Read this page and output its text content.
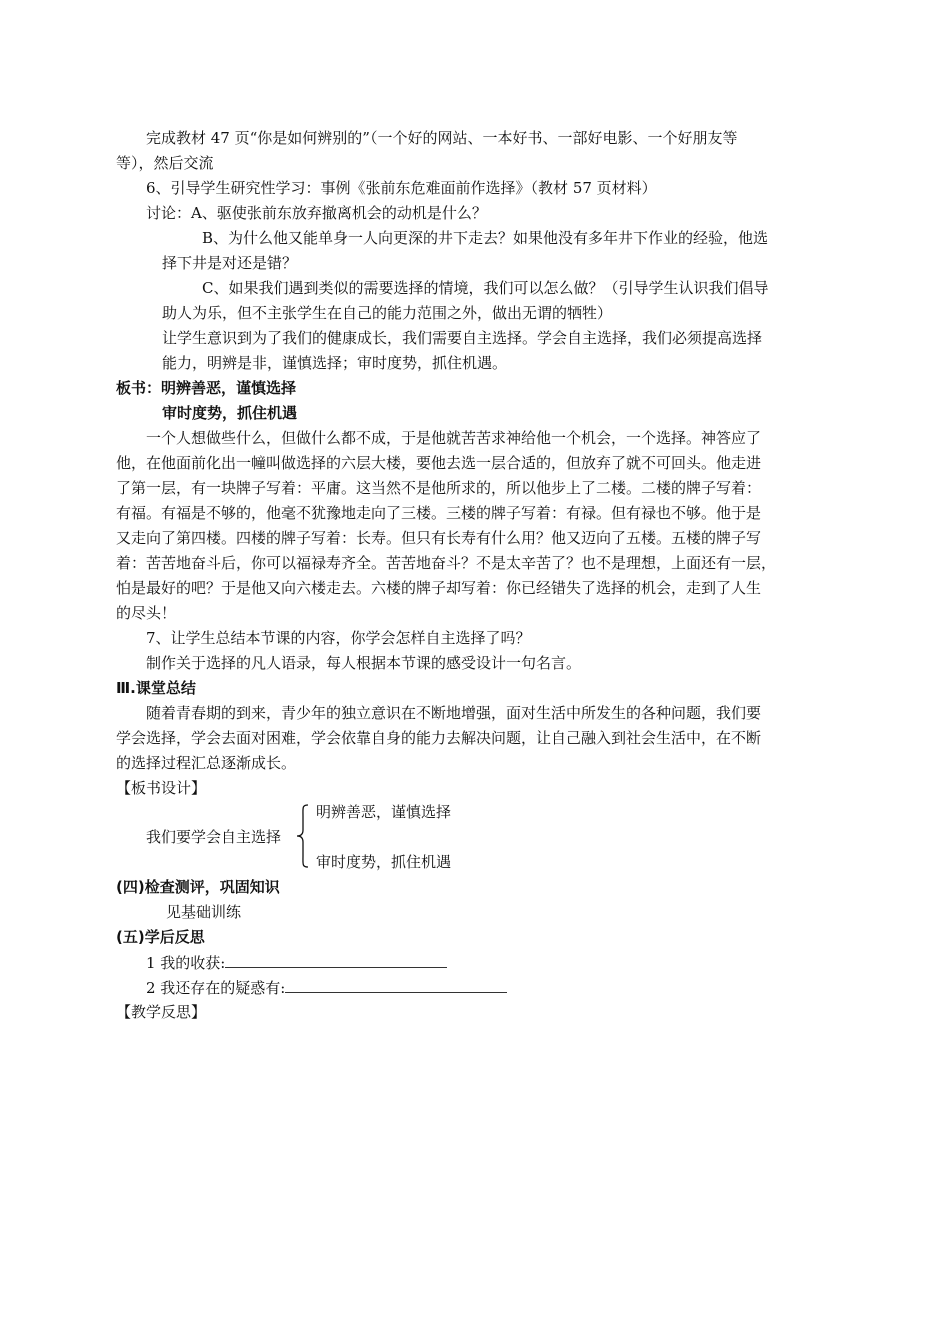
完成教材 47 页“你是如何辨别的”（一个好的网站、一本好书、一部好电影、一个好朋友等
等），然后交流
6、引导学生研究性学习：事例《张前东危难面前作选择》（教材 57 页材料）
讨论：A、驱使张前东放弃撤离机会的动机是什么？
B、为什么他又能单身一人向更深的井下走去？如果他没有多年井下作业的经验，他选
择下井是对还是错？
C、如果我们遇到类似的需要选择的情境，我们可以怎么做？（引导学生认识我们倡导
助人为乐，但不主张学生在自己的能力范围之外，做出无谓的牺牲）
让学生意识到为了我们的健康成长，我们需要自主选择。学会自主选择，我们必须提高选择
能力，明辨是非，谨慎选择；审时度势，抓住机遇。
板书：明辨善恶，谨慎选择
审时度势，抓住机遇
一个人想做些什么，但做什么都不成，于是他就苦苦求神给他一个机会，一个选择。神答应了
他，在他面前化出一幢叫做选择的六层大楼，要他去选一层合适的，但放弃了就不可回头。他走进
了第一层，有一块牌子写着：平庸。这当然不是他所求的，所以他步上了二楼。二楼的牌子写着：
有福。有福是不够的，他毫不犹豫地走向了三楼。三楼的牌子写着：有禄。但有禄也不够。他于是
又走向了第四楼。四楼的牌子写着：长寿。但只有长寿有什么用？他又迈向了五楼。五楼的牌子写
着：苦苦地奋斗后，你可以福禄寿齐全。苦苦地奋斗？不是太辛苦了？也不是理想，上面还有一层，
怕是最好的吧？于是他又向六楼走去。六楼的牌子却写着：你已经错失了选择的机会，走到了人生
的尽头！
7、让学生总结本节课的内容，你学会怎样自主选择了吗？
制作关于选择的凡人语录，每人根据本节课的感受设计一句名言。
Ⅲ.课堂总结
随着青春期的到来，青少年的独立意识在不断地增强，面对生活中所发生的各种问题，我们要
学会选择，学会去面对困难，学会依靠自身的能力去解决问题，让自己融入到社会生活中，在不断
的选择过程汇总逐渐成长。
【板书设计】
明辨善恶，谨慎选择
我们要学会自主选择
审时度势，抓住机遇
(四)检查测评，巩固知识
见基础训练
(五)学后反思
1 我的收获:
2 我还存在的疑惑有:
【教学反思】
